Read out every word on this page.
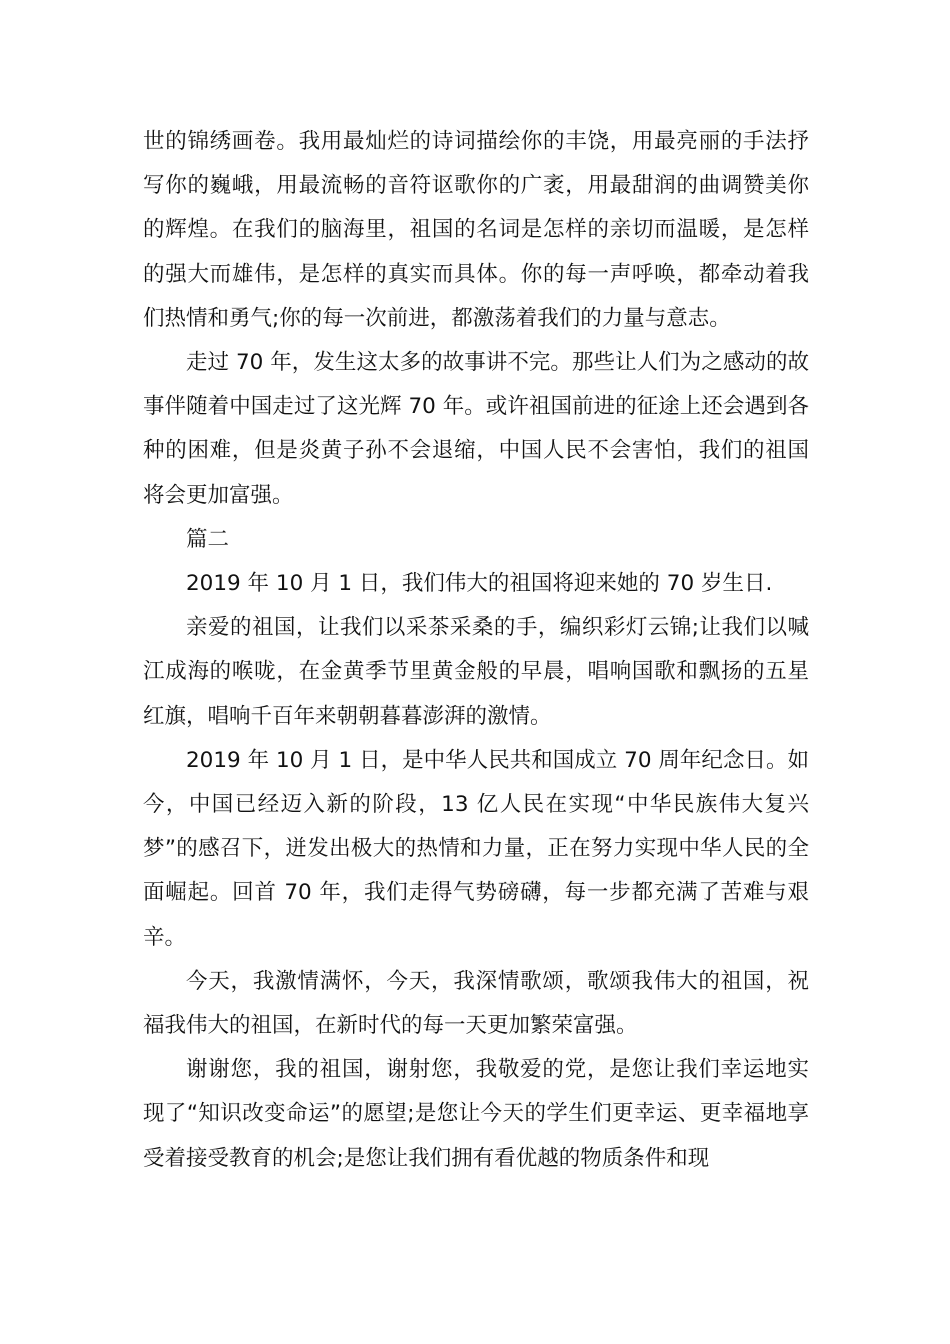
世的锦绣画卷。我用最灿烂的诗词描绘你的丰饶，用最亮丽的手法抒写你的巍峨，用最流畅的音符讴歌你的广袤，用最甜润的曲调赞美你的辉煌。在我们的脑海里，祖国的名词是怎样的亲切而温暖，是怎样的强大而雄伟，是怎样的真实而具体。你的每一声呼唤，都牵动着我们热情和勇气;你的每一次前进，都激荡着我们的力量与意志。

走过 70 年，发生这太多的故事讲不完。那些让人们为之感动的故事伴随着中国走过了这光辉 70 年。或许祖国前进的征途上还会遇到各种的困难，但是炎黄子孙不会退缩，中国人民不会害怕，我们的祖国将会更加富强。

篇二

2019 年 10 月 1 日，我们伟大的祖国将迎来她的 70 岁生日.

亲爱的祖国，让我们以采茶采桑的手，编织彩灯云锦;让我们以喊江成海的喉咙，在金黄季节里黄金般的早晨，唱响国歌和飘扬的五星红旗，唱响千百年来朝朝暮暮澎湃的激情。

2019 年 10 月 1 日，是中华人民共和国成立 70 周年纪念日。如今，中国已经迈入新的阶段，13 亿人民在实现“中华民族伟大复兴梦”的感召下，迸发出极大的热情和力量，正在努力实现中华人民的全面崛起。回首 70 年，我们走得气势磅礴，每一步都充满了苦难与艰辛。

今天，我激情满怀，今天，我深情歌颂，歌颂我伟大的祖国，祝福我伟大的祖国，在新时代的每一天更加繁荣富强。

谢谢您，我的祖国，谢射您，我敬爱的党，是您让我们幸运地实现了“知识改变命运”的愿望;是您让今天的学生们更幸运、更幸福地享受着接受教育的机会;是您让我们拥有看优越的物质条件和现
